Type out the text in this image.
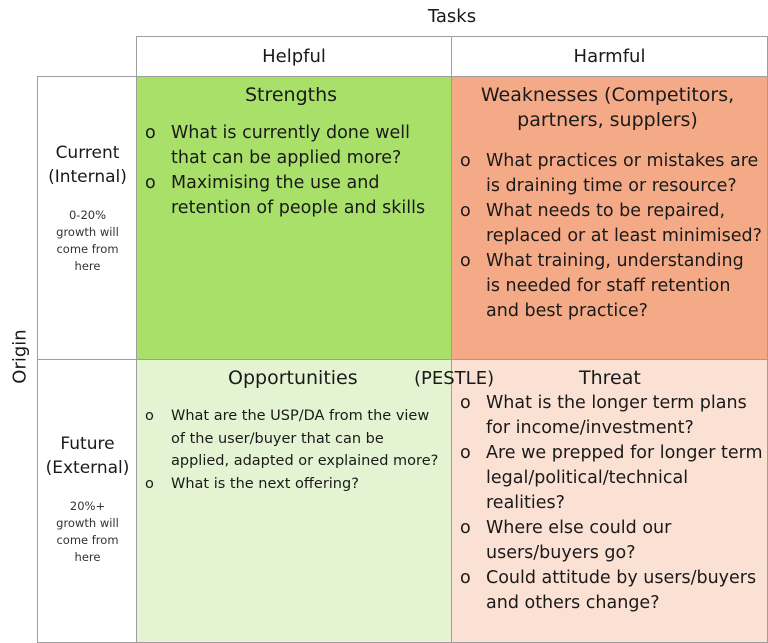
Tasks
Origin
Helpful	Harmful
Current
(Internal)
0-20% growth will come from here
Future
(External)
20%+ growth will come from here
Strengths
o What is currently done well that can be applied more?
o Maximising the use and retention of people and skills
Weaknesses (Competitors, partners, supplers)
o What practices or mistakes are is draining time or resource?
o What needs to be repaired, replaced or at least minimised?
o What training, understanding is needed for staff retention and best practice?
Opportunities
o What are the USP/DA from the view of the user/buyer that can be applied, adapted or explained more?
o What is the next offering?
Threat
o What is the longer term plans for income/investment?
o Are we prepped for longer term legal/political/technical realities?
o Where else could our users/buyers go?
o Could attitude by users/buyers and others change?
(PESTLE)
